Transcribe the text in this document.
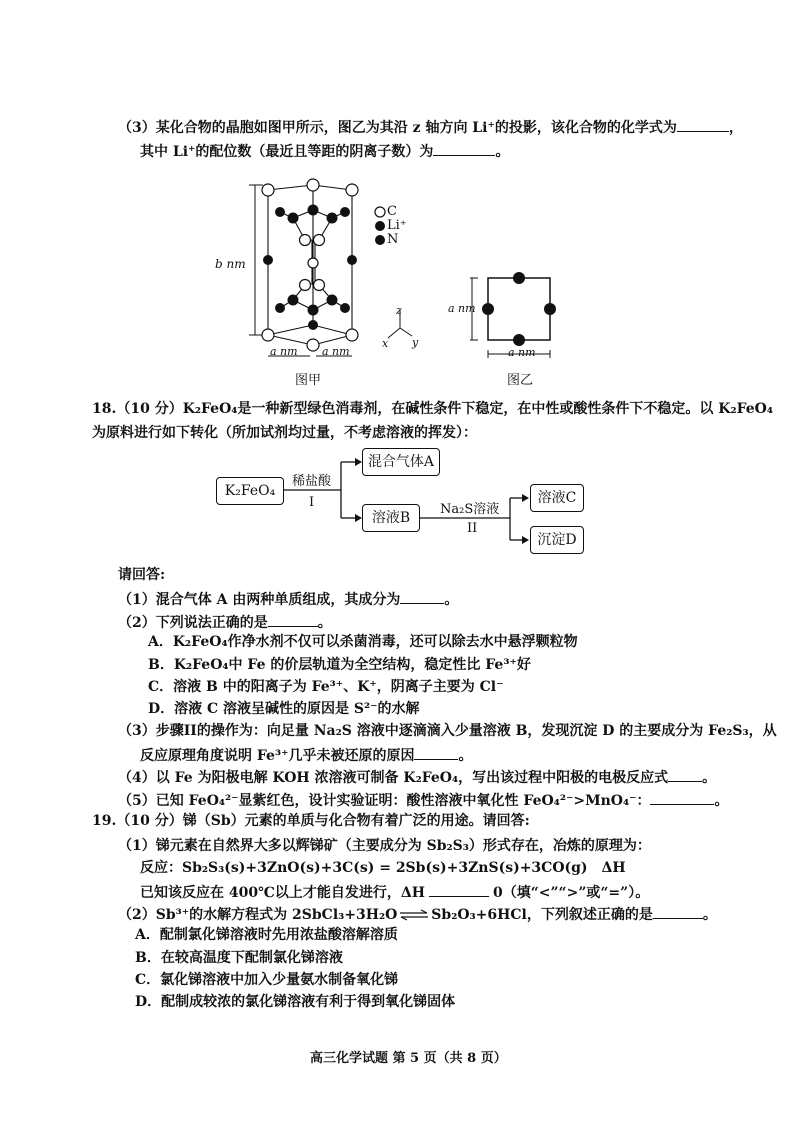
（3）某化合物的晶胞如图甲所示，图乙为其沿 z 轴方向 Li⁺的投影，该化合物的化学式为	，
其中 Li⁺的配位数（最近且等距的阴离子数）为	。
C
Li⁺
N
b nm
a nm a nm
z
x y
图甲
a nm
a nm
图乙
18.（10 分）K₂FeO₄是一种新型绿色消毒剂，在碱性条件下稳定，在中性或酸性条件下不稳定。以 K₂FeO₄
为原料进行如下转化（所加试剂均过量，不考虑溶液的挥发）：
K₂FeO₄
稀盐酸
I
混合气体A
溶液B
Na₂S溶液
II
溶液C
沉淀D
请回答:
（1）混合气体 A 由两种单质组成，其成分为	。
（2）下列说法正确的是	。
A．K₂FeO₄作净水剂不仅可以杀菌消毒，还可以除去水中悬浮颗粒物
B．K₂FeO₄中 Fe 的价层轨道为全空结构，稳定性比 Fe³⁺好
C．溶液 B 中的阳离子为 Fe³⁺、K⁺，阴离子主要为 Cl⁻
D．溶液 C 溶液呈碱性的原因是 S²⁻的水解
（3）步骤II的操作为：向足量 Na₂S 溶液中逐滴滴入少量溶液 B，发现沉淀 D 的主要成分为 Fe₂S₃，从
反应原理角度说明 Fe³⁺几乎未被还原的原因	。
（4）以 Fe 为阳极电解 KOH 浓溶液可制备 K₂FeO₄，写出该过程中阳极的电极反应式 。
（5）已知 FeO₄²⁻显紫红色，设计实验证明：酸性溶液中氧化性 FeO₄²⁻>MnO₄⁻：	。
19.（10 分）锑（Sb）元素的单质与化合物有着广泛的用途。请回答:
（1）锑元素在自然界大多以辉锑矿（主要成分为 Sb₂S₃）形式存在，冶炼的原理为：
反应：Sb₂S₃(s)+3ZnO(s)+3C(s) = 2Sb(s)+3ZnS(s)+3CO(g)　ΔH
已知该反应在 400℃以上才能自发进行，ΔH	0（填“<”“>”或“=”）。
（2）Sb³⁺的水解方程式为 2SbCl₃+3H₂O ⇌ Sb₂O₃+6HCl，下列叙述正确的是	。
A．配制氯化锑溶液时先用浓盐酸溶解溶质
B．在较高温度下配制氯化锑溶液
C．氯化锑溶液中加入少量氨水制备氧化锑
D．配制成较浓的氯化锑溶液有利于得到氧化锑固体
高三化学试题 第 5 页（共 8 页）
